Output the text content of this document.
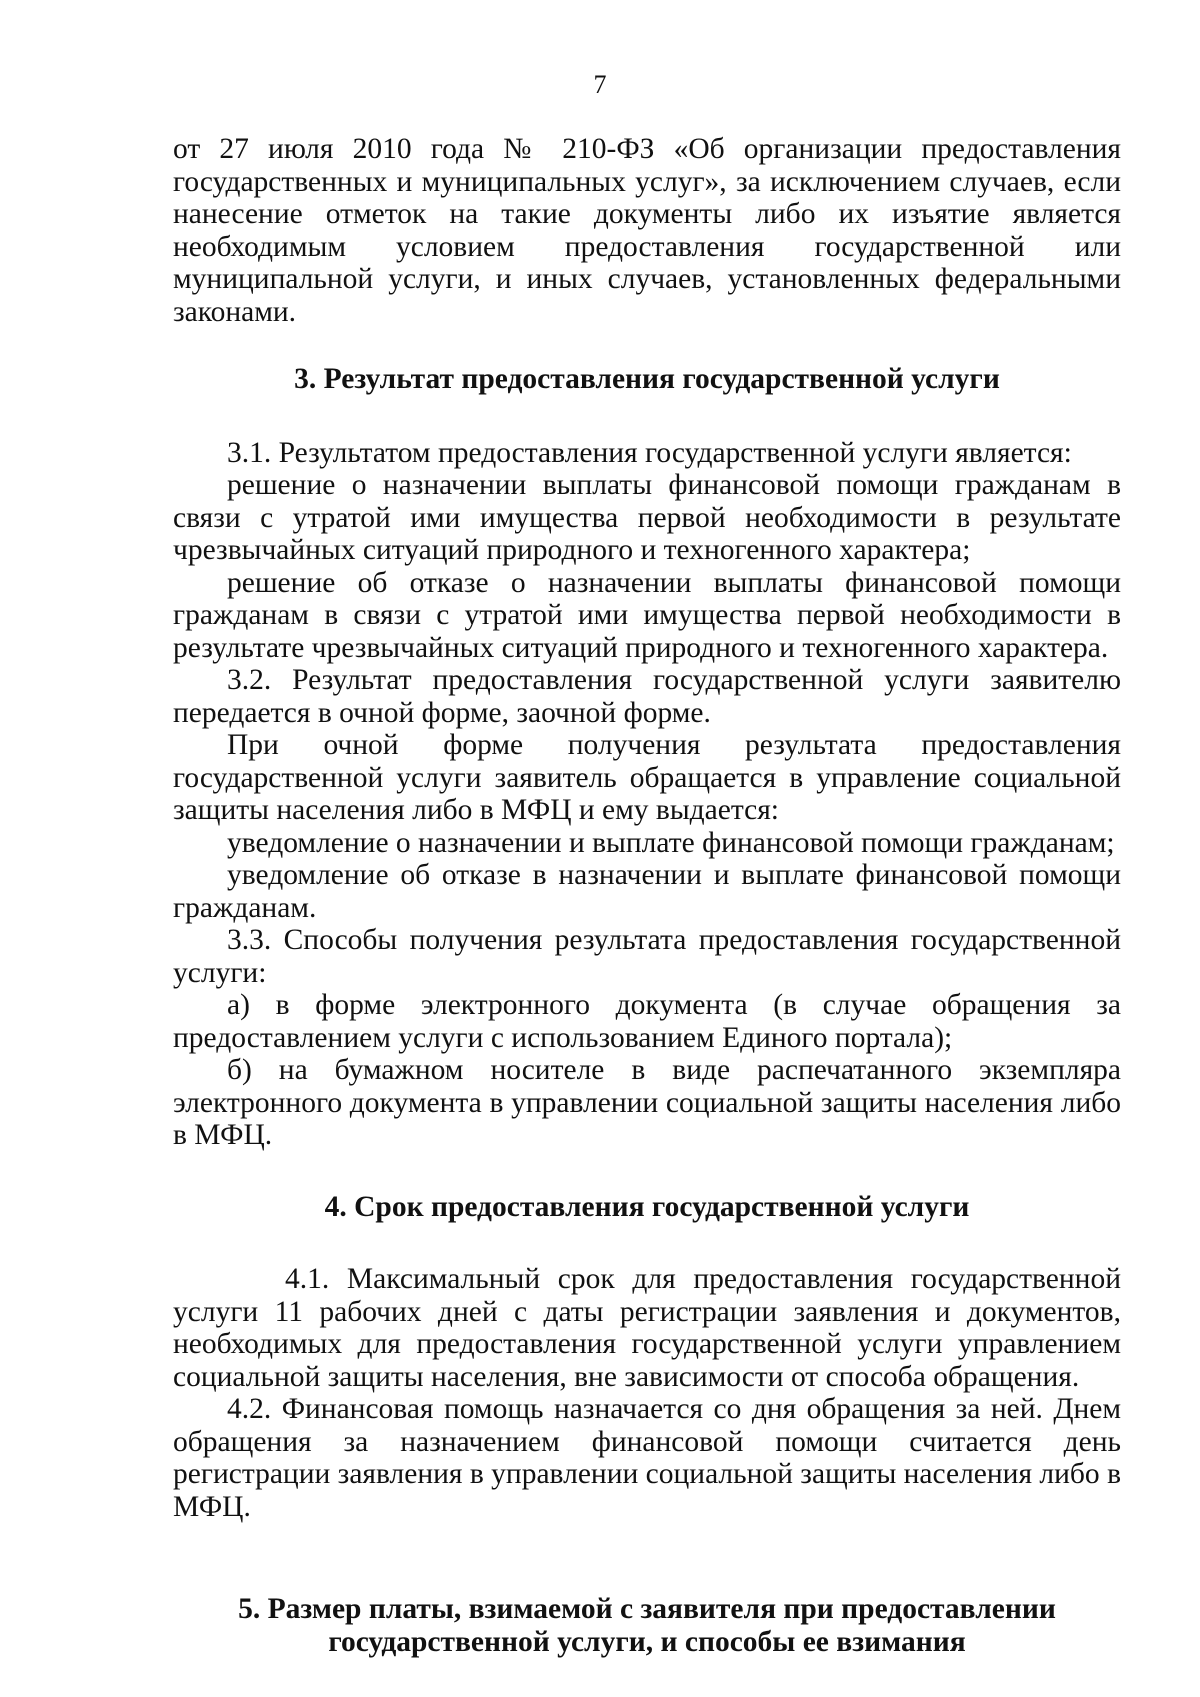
7

от 27 июля 2010 года № 210-ФЗ «Об организации предоставления государственных и муниципальных услуг», за исключением случаев, если нанесение отметок на такие документы либо их изъятие является необходимым условием предоставления государственной или муниципальной услуги, и иных случаев, установленных федеральными законами.

3. Результат предоставления государственной услуги

3.1. Результатом предоставления государственной услуги является:

решение о назначении выплаты финансовой помощи гражданам в связи с утратой ими имущества первой необходимости в результате чрезвычайных ситуаций природного и техногенного характера;

решение об отказе о назначении выплаты финансовой помощи гражданам в связи с утратой ими имущества первой необходимости в результате чрезвычайных ситуаций природного и техногенного характера.

3.2. Результат предоставления государственной услуги заявителю передается в очной форме, заочной форме.

При очной форме получения результата предоставления государственной услуги заявитель обращается в управление социальной защиты населения либо в МФЦ и ему выдается:

уведомление о назначении и выплате финансовой помощи гражданам;

уведомление об отказе в назначении и выплате финансовой помощи гражданам.

3.3. Способы получения результата предоставления государственной услуги:

а) в форме электронного документа (в случае обращения за предоставлением услуги с использованием Единого портала);

б) на бумажном носителе в виде распечатанного экземпляра электронного документа в управлении социальной защиты населения либо в МФЦ.

4. Срок предоставления государственной услуги

4.1. Максимальный срок для предоставления государственной услуги 11 рабочих дней с даты регистрации заявления и документов, необходимых для предоставления государственной услуги управлением социальной защиты населения, вне зависимости от способа обращения.

4.2. Финансовая помощь назначается со дня обращения за ней. Днем обращения за назначением финансовой помощи считается день регистрации заявления в управлении социальной защиты населения либо в МФЦ.

5. Размер платы, взимаемой с заявителя при предоставлении
государственной услуги, и способы ее взимания
